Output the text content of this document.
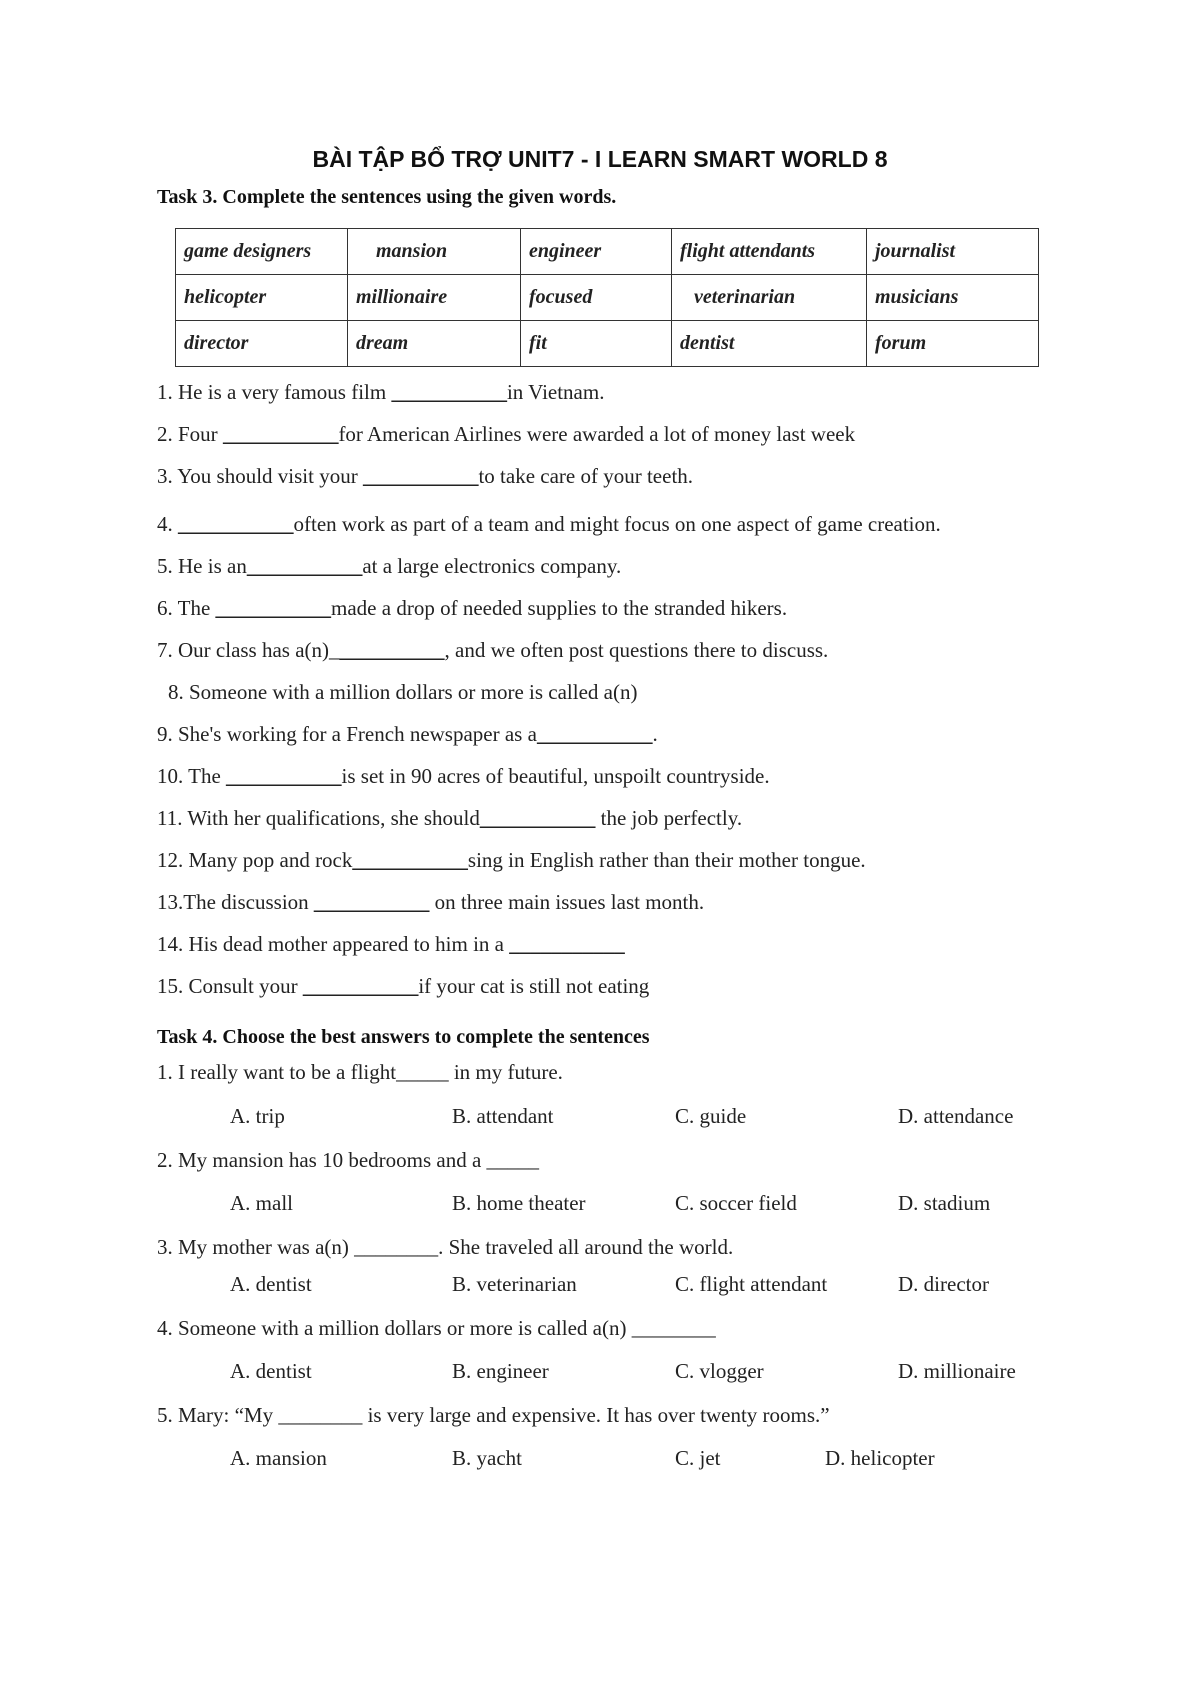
BÀI TẬP BỔ TRỢ UNIT7 - I LEARN SMART WORLD 8

Task 3. Complete the sentences using the given words.

game designers	mansion	engineer	flight attendants	journalist
helicopter	millionaire	focused	veterinarian	musicians
director	dream	fit	dentist	forum

1. He is a very famous film ___________in Vietnam.

2. Four ___________for American Airlines were awarded a lot of money last week

3. You should visit your ___________to take care of your teeth.

4. ___________often work as part of a team and might focus on one aspect of game creation.

5. He is an___________at a large electronics company.

6. The ___________made a drop of needed supplies to the stranded hikers.

7. Our class has a(n)___________, and we often post questions there to discuss.

8. Someone with a million dollars or more is called a(n)

9. She's working for a French newspaper as a___________.

10. The ___________is set in 90 acres of beautiful, unspoilt countryside.

11. With her qualifications, she should___________ the job perfectly.

12. Many pop and rock___________sing in English rather than their mother tongue.

13.The discussion ___________ on three main issues last month.

14. His dead mother appeared to him in a ___________

15. Consult your ___________if your cat is still not eating

Task 4. Choose the best answers to complete the sentences

1. I really want to be a flight_____ in my future.

A. trip	B. attendant	C. guide	D. attendance

2. My mansion has 10 bedrooms and a _____

A. mall	B. home theater	C. soccer field	D. stadium

3. My mother was a(n) ________. She traveled all around the world.

A. dentist	B. veterinarian	C. flight attendant	D. director

4. Someone with a million dollars or more is called a(n) ________

A. dentist	B. engineer	C. vlogger	D. millionaire

5. Mary: “My ________ is very large and expensive. It has over twenty rooms.”

A. mansion	B. yacht	C. jet	D. helicopter
